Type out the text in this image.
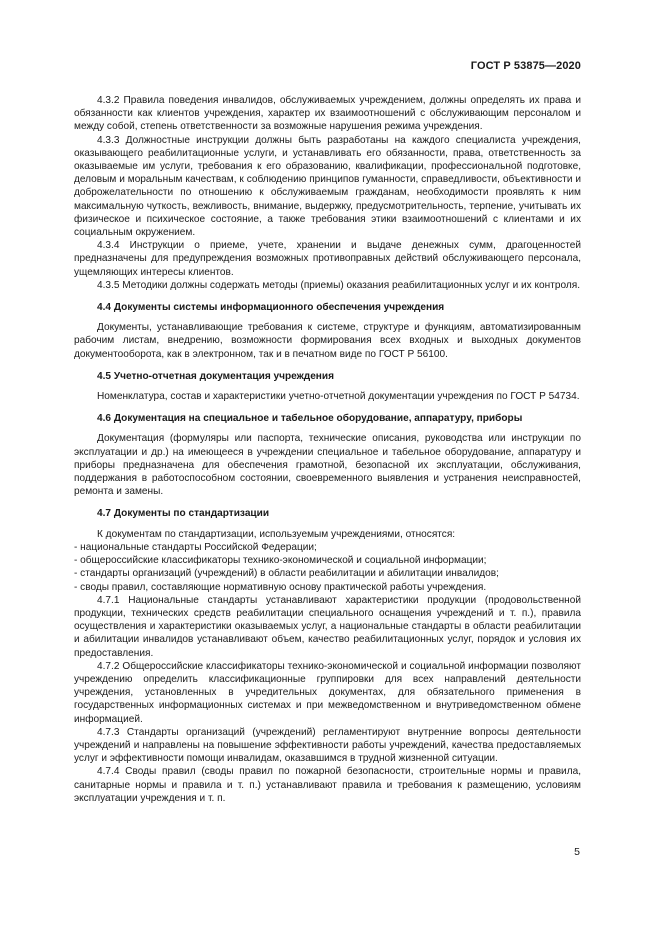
ГОСТ Р 53875—2020

4.3.2 Правила поведения инвалидов, обслуживаемых учреждением, должны определять их права и обязанности как клиентов учреждения, характер их взаимоотношений с обслуживающим персоналом и между собой, степень ответственности за возможные нарушения режима учреждения.

4.3.3 Должностные инструкции должны быть разработаны на каждого специалиста учреждения, оказывающего реабилитационные услуги, и устанавливать его обязанности, права, ответственность за оказываемые им услуги, требования к его образованию, квалификации, профессиональной подготовке, деловым и моральным качествам, к соблюдению принципов гуманности, справедливости, объективности и доброжелательности по отношению к обслуживаемым гражданам, необходимости проявлять к ним максимальную чуткость, вежливость, внимание, выдержку, предусмотрительность, терпение, учитывать их физическое и психическое состояние, а также требования этики взаимоотношений с клиентами и их социальным окружением.

4.3.4 Инструкции о приеме, учете, хранении и выдаче денежных сумм, драгоценностей предназначены для предупреждения возможных противоправных действий обслуживающего персонала, ущемляющих интересы клиентов.

4.3.5 Методики должны содержать методы (приемы) оказания реабилитационных услуг и их контроля.

4.4 Документы системы информационного обеспечения учреждения

Документы, устанавливающие требования к системе, структуре и функциям, автоматизированным рабочим листам, внедрению, возможности формирования всех входных и выходных документов документооборота, как в электронном, так и в печатном виде по ГОСТ Р 56100.

4.5 Учетно-отчетная документация учреждения

Номенклатура, состав и характеристики учетно-отчетной документации учреждения по ГОСТ Р 54734.

4.6 Документация на специальное и табельное оборудование, аппаратуру, приборы

Документация (формуляры или паспорта, технические описания, руководства или инструкции по эксплуатации и др.) на имеющееся в учреждении специальное и табельное оборудование, аппаратуру и приборы предназначена для обеспечения грамотной, безопасной их эксплуатации, обслуживания, поддержания в работоспособном состоянии, своевременного выявления и устранения неисправностей, ремонта и замены.

4.7 Документы по стандартизации

К документам по стандартизации, используемым учреждениями, относятся:

- национальные стандарты Российской Федерации;

- общероссийские классификаторы технико-экономической и социальной информации;

- стандарты организаций (учреждений) в области реабилитации и абилитации инвалидов;

- своды правил, составляющие нормативную основу практической работы учреждения.

4.7.1 Национальные стандарты устанавливают характеристики продукции (продовольственной продукции, технических средств реабилитации специального оснащения учреждений и т. п.), правила осуществления и характеристики оказываемых услуг, а национальные стандарты в области реабилитации и абилитации инвалидов устанавливают объем, качество реабилитационных услуг, порядок и условия их предоставления.

4.7.2 Общероссийские классификаторы технико-экономической и социальной информации позволяют учреждению определить классификационные группировки для всех направлений деятельности учреждения, установленных в учредительных документах, для обязательного применения в государственных информационных системах и при межведомственном и внутриведомственном обмене информацией.

4.7.3 Стандарты организаций (учреждений) регламентируют внутренние вопросы деятельности учреждений и направлены на повышение эффективности работы учреждений, качества предоставляемых услуг и эффективности помощи инвалидам, оказавшимся в трудной жизненной ситуации.

4.7.4 Своды правил (своды правил по пожарной безопасности, строительные нормы и правила, санитарные нормы и правила и т. п.) устанавливают правила и требования к размещению, условиям эксплуатации учреждения и т. п.

5
